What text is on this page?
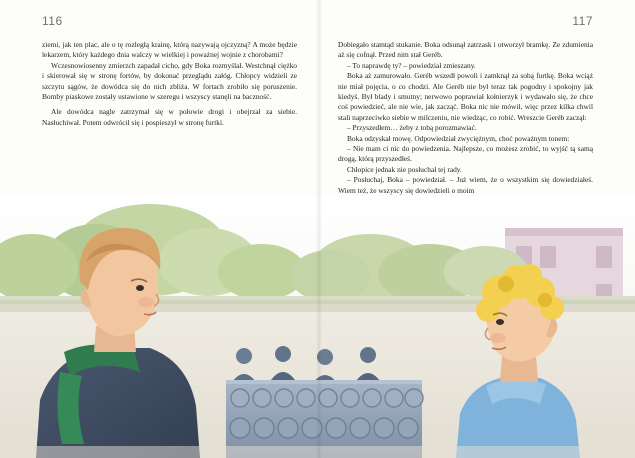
116	117

ziemi, jak ten plac, ale o tę rozległą krainę, którą nazywają ojczyzną? A może będzie lekarzem, który każdego dnia walczy w wielkiej i poważnej wojnie z chorobami?

Wczesnowiosenny zmierzch zapadał cicho, gdy Boka rozmyślał. Westchnął ciężko i skierował się w stronę fortów, by dokonać przeglądu załóg. Chłopcy widzieli ze szczytu sągów, że dowódca się do nich zbliża. W fortach zrobiło się poruszenie. Bomby piaskowe zostały ustawione w szeregu i wszyscy stanęli na baczność.

Ale dowódca nagle zatrzymał się w połowie drogi i obejrzał za siebie. Nasłuchiwał. Potem odwrócił się i pospieszył w stronę furtki.

Dobiegało stamtąd stukanie. Boka odsunął zatrzask i otworzył bramkę. Ze zdumienia aż się cofnął. Przed nim stał Geréb.

– To naprawdę ty? – powiedział zmieszany.

Boka aż zamurowało. Geréb wszedł powoli i zamknął za sobą furtkę. Boka wciąż nie miał pojęcia, o co chodzi. Ale Geréb nie był teraz tak pogodny i spokojny jak kiedyś. Był blady i smutny; nerwowo poprawiał kołnierzyk i wydawało się, że chce coś powiedzieć, ale nie wie, jak zacząć. Boka nic nie mówił, więc przez kilka chwil stali naprzeciwko siebie w milczeniu, nie wiedząc, co robić. Wreszcie Geréb zaczął:

– Przyszedłem… żeby z tobą porozmawiać.

Boka odzyskał mowę. Odpowiedział zwyciężnym, choć poważnym tonem:

– Nie mam ci nic do powiedzenia. Najlepsze, co możesz zrobić, to wyjść tą samą drogą, którą przyszedłeś.

Chłopice jednak nie posłuchał tej rady.

– Posłuchaj, Boka – powiedział. – Już wiem, że o wszystkim się dowiedziałeś. Wiem też, że wszyscy się dowiedzieli o moim
